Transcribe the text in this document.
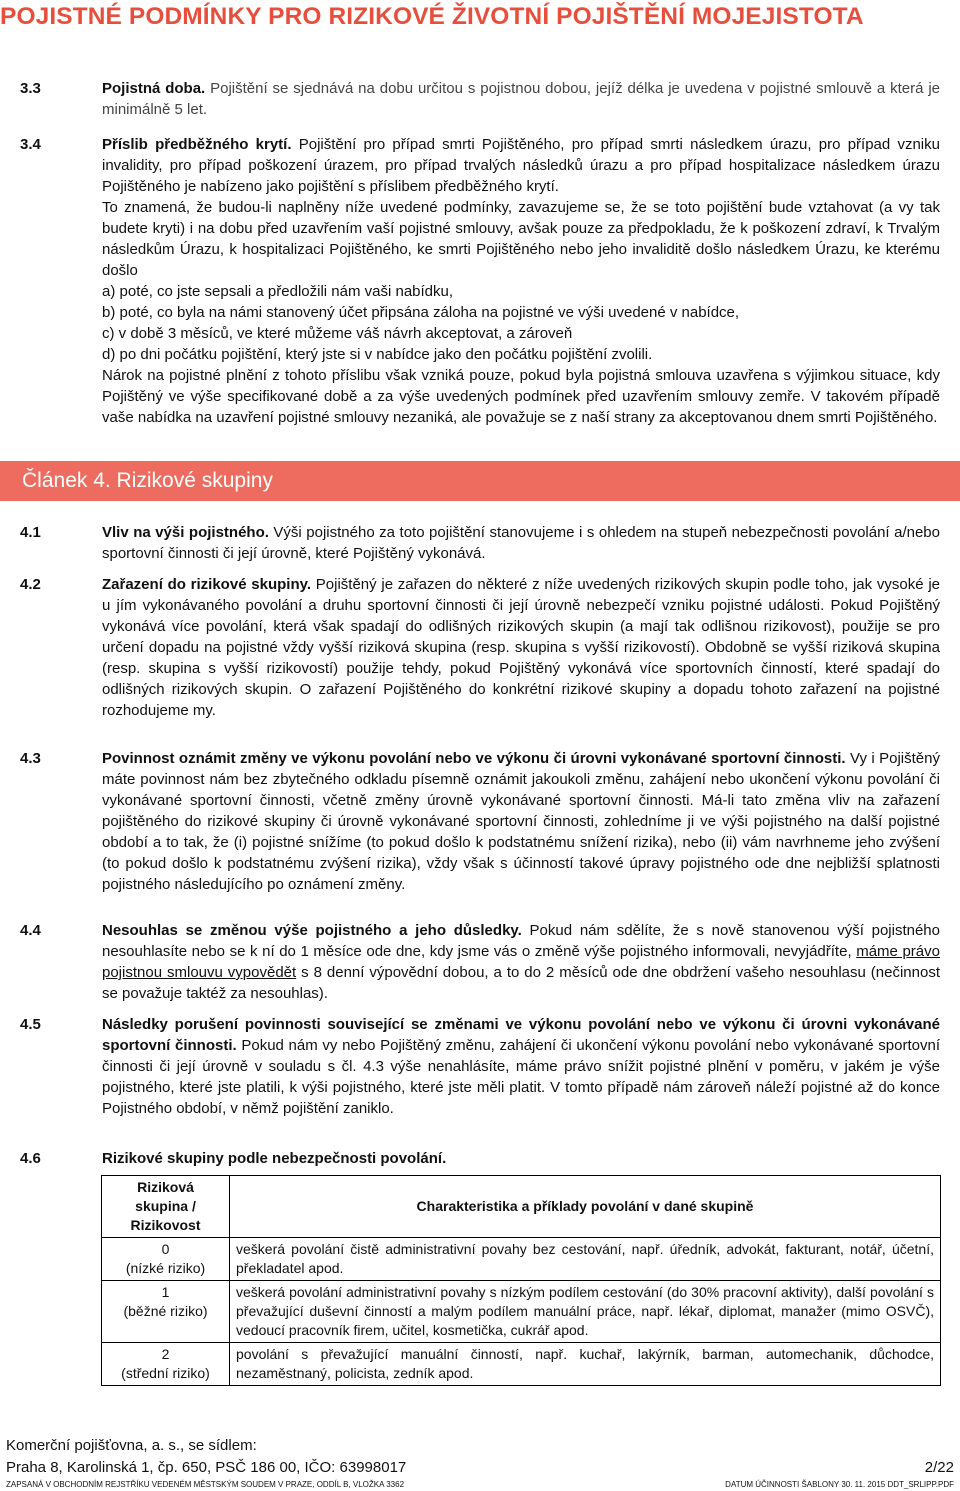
POJISTNÉ PODMÍNKY PRO RIZIKOVÉ ŽIVOTNÍ POJIŠTĚNÍ MOJEJISTOTA
3.3	Pojistná doba. Pojištění se sjednává na dobu určitou s pojistnou dobou, jejíž délka je uvedena v pojistné smlouvě a která je minimálně 5 let.
3.4	Příslib předběžného krytí. Pojištění pro případ smrti Pojištěného, pro případ smrti následkem úrazu, pro případ vzniku invalidity, pro případ poškození úrazem, pro případ trvalých následků úrazu a pro případ hospitalizace následkem úrazu Pojištěného je nabízeno jako pojištění s příslibem předběžného krytí.
To znamená, že budou-li naplněny níže uvedené podmínky, zavazujeme se, že se toto pojištění bude vztahovat (a vy tak budete kryti) i na dobu před uzavřením vaší pojistné smlouvy, avšak pouze za předpokladu, že k poškození zdraví, k Trvalým následkům Úrazu, k hospitalizaci Pojištěného, ke smrti Pojištěného nebo jeho invaliditě došlo následkem Úrazu, ke kterému došlo
a) poté, co jste sepsali a předložili nám vaši nabídku,
b) poté, co byla na námi stanovený účet připsána záloha na pojistné ve výši uvedené v nabídce,
c) v době 3 měsíců, ve které můžeme váš návrh akceptovat, a zároveň
d) po dni počátku pojištění, který jste si v nabídce jako den počátku pojištění zvolili.
Nárok na pojistné plnění z tohoto příslibu však vzniká pouze, pokud byla pojistná smlouva uzavřena s výjimkou situace, kdy Pojištěný ve výše specifikované době a za výše uvedených podmínek před uzavřením smlouvy zemře. V takovém případě vaše nabídka na uzavření pojistné smlouvy nezaniká, ale považuje se z naší strany za akceptovanou dnem smrti Pojištěného.
Článek 4. Rizikové skupiny
4.1	Vliv na výši pojistného. Výši pojistného za toto pojištění stanovujeme i s ohledem na stupeň nebezpečnosti povolání a/nebo sportovní činnosti či její úrovně, které Pojištěný vykonává.
4.2	Zařazení do rizikové skupiny. Pojištěný je zařazen do některé z níže uvedených rizikových skupin podle toho, jak vysoké je u jím vykonávaného povolání a druhu sportovní činnosti či její úrovně nebezpečí vzniku pojistné události. Pokud Pojištěný vykonává více povolání, která však spadají do odlišných rizikových skupin (a mají tak odlišnou rizikovost), použije se pro určení dopadu na pojistné vždy vyšší riziková skupina (resp. skupina s vyšší rizikovostí). Obdobně se vyšší riziková skupina (resp. skupina s vyšší rizikovostí) použije tehdy, pokud Pojištěný vykonává více sportovních činností, které spadají do odlišných rizikových skupin. O zařazení Pojištěného do konkrétní rizikové skupiny a dopadu tohoto zařazení na pojistné rozhodujeme my.
4.3	Povinnost oznámit změny ve výkonu povolání nebo ve výkonu či úrovni vykonávané sportovní činnosti. Vy i Pojištěný máte povinnost nám bez zbytečného odkladu písemně oznámit jakoukoli změnu, zahájení nebo ukončení výkonu povolání či vykonávané sportovní činnosti, včetně změny úrovně vykonávané sportovní činnosti. Má-li tato změna vliv na zařazení pojištěného do rizikové skupiny či úrovně vykonávané sportovní činnosti, zohledníme ji ve výši pojistného na další pojistné období a to tak, že (i) pojistné snížíme (to pokud došlo k podstatnému snížení rizika), nebo (ii) vám navrhneme jeho zvýšení (to pokud došlo k podstatnému zvýšení rizika), vždy však s účinností takové úpravy pojistného ode dne nejbližší splatnosti pojistného následujícího po oznámení změny.
4.4	Nesouhlas se změnou výše pojistného a jeho důsledky. Pokud nám sdělíte, že s nově stanovenou výší pojistného nesouhlasíte nebo se k ní do 1 měsíce ode dne, kdy jsme vás o změně výše pojistného informovali, nevyjádříte, máme právo pojistnou smlouvu vypovědět s 8 denní výpovědní dobou, a to do 2 měsíců ode dne obdržení vašeho nesouhlasu (nečinnost se považuje taktéž za nesouhlas).
4.5	Následky porušení povinnosti související se změnami ve výkonu povolání nebo ve výkonu či úrovni vykonávané sportovní činnosti. Pokud nám vy nebo Pojištěný změnu, zahájení či ukončení výkonu povolání nebo vykonávané sportovní činnosti či její úrovně v souladu s čl. 4.3 výše nenahlásíte, máme právo snížit pojistné plnění v poměru, v jakém je výše pojistného, které jste platili, k výši pojistného, které jste měli platit. V tomto případě nám zároveň náleží pojistné až do konce Pojistného období, v němž pojištění zaniklo.
4.6	Rizikové skupiny podle nebezpečnosti povolání.
Riziková
skupina /
Rizikovost	Charakteristika a příklady povolání v dané skupině

0
(nízké riziko)	veškerá povolání čistě administrativní povahy bez cestování, např. úředník, advokát, fakturant, notář, účetní, překladatel apod.

1
(běžné riziko)	veškerá povolání administrativní povahy s nízkým podílem cestování (do 30% pracovní aktivity), další povolání s převažující duševní činností a malým podílem manuální práce, např. lékař, diplomat, manažer (mimo OSVČ), vedoucí pracovník firem, učitel, kosmetička, cukrář apod.

2
(střední riziko)	povolání s převažující manuální činností, např. kuchař, lakýrník, barman, automechanik, důchodce, nezaměstnaný, policista, zedník apod.
Komerční pojišťovna, a. s., se sídlem:
Praha 8, Karolinská 1, čp. 650, PSČ 186 00, IČO: 63998017	2/22
ZAPSANÁ V OBCHODNÍM REJSTŘÍKU VEDENÉM MĚSTSKÝM SOUDEM V PRAZE, ODDÍL B, VLOŽKA 3362	DATUM ÚČINNOSTI ŠABLONY 30. 11. 2015 DDT_SRLIPP.PDF
